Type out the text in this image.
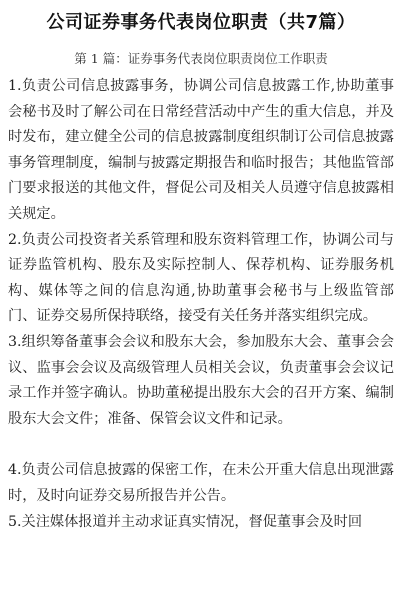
公司证券事务代表岗位职责（共7篇）
第 1 篇：证券事务代表岗位职责岗位工作职责

1.负责公司信息披露事务，协调公司信息披露工作,协助董事会秘书及时了解公司在日常经营活动中产生的重大信息，并及时发布，建立健全公司的信息披露制度组织制订公司信息披露事务管理制度，编制与披露定期报告和临时报告；其他监管部门要求报送的其他文件，督促公司及相关人员遵守信息披露相关规定。

2.负责公司投资者关系管理和股东资料管理工作，协调公司与证券监管机构、股东及实际控制人、保荐机构、证券服务机构、媒体等之间的信息沟通,协助董事会秘书与上级监管部门、证券交易所保持联络，接受有关任务并落实组织完成。

3.组织筹备董事会会议和股东大会，参加股东大会、董事会会议、监事会会议及高级管理人员相关会议，负责董事会会议记录工作并签字确认。协助董秘提出股东大会的召开方案、编制股东大会文件；准备、保管会议文件和记录。

4.负责公司信息披露的保密工作，在未公开重大信息出现泄露时，及时向证券交易所报告并公告。

5.关注媒体报道并主动求证真实情况，督促董事会及时回
